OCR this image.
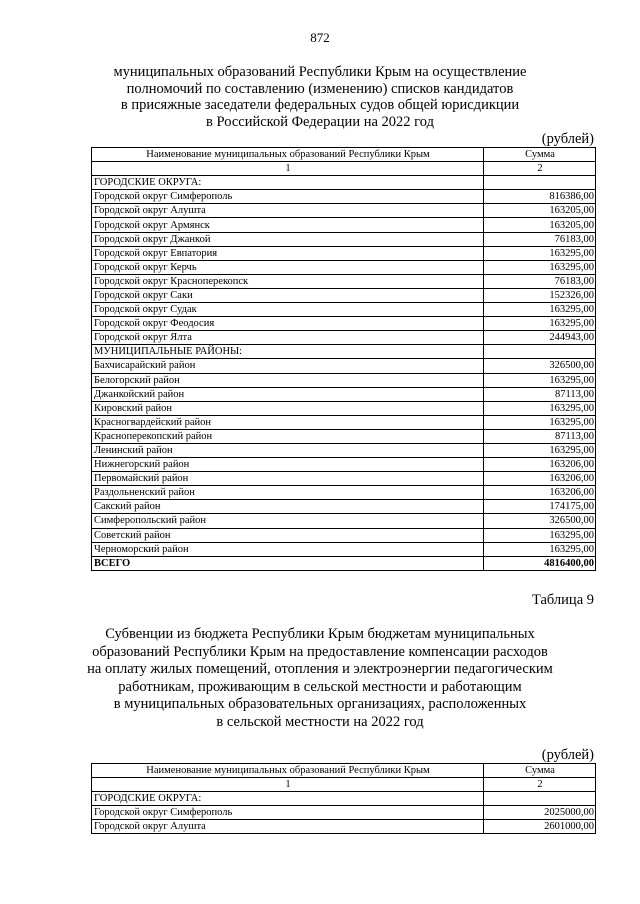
872
муниципальных образований Республики Крым на осуществление
полномочий по составлению (изменению) списков кандидатов
в присяжные заседатели федеральных судов общей юрисдикции
в Российской Федерации на 2022 год
(рублей)
Наименование муниципальных образований Республики Крым	Сумма
1	2
ГОРОДСКИЕ ОКРУГА:	
Городской округ Симферополь	816386,00
Городской округ Алушта	163205,00
Городской округ Армянск	163205,00
Городской округ Джанкой	76183,00
Городской округ Евпатория	163295,00
Городской округ Керчь	163295,00
Городской округ Красноперекопск	76183,00
Городской округ Саки	152326,00
Городской округ Судак	163295,00
Городской округ Феодосия	163295,00
Городской округ Ялта	244943,00
МУНИЦИПАЛЬНЫЕ РАЙОНЫ:	
Бахчисарайский район	326500,00
Белогорский район	163295,00
Джанкойский район	87113,00
Кировский район	163295,00
Красногвардейский район	163295,00
Красноперекопский район	87113,00
Ленинский район	163295,00
Нижнегорский район	163206,00
Первомайский район	163206,00
Раздольненский район	163206,00
Сакский район	174175,00
Симферопольский район	326500,00
Советский район	163295,00
Черноморский район	163295,00
ВСЕГО	4816400,00
Таблица 9
Субвенции из бюджета Республики Крым бюджетам муниципальных
образований Республики Крым на предоставление компенсации расходов
на оплату жилых помещений, отопления и электроэнергии педагогическим
работникам, проживающим в сельской местности и работающим
в муниципальных образовательных организациях, расположенных
в сельской местности на 2022 год
(рублей)
Наименование муниципальных образований Республики Крым	Сумма
1	2
ГОРОДСКИЕ ОКРУГА:	
Городской округ Симферополь	2025000,00
Городской округ Алушта	2601000,00
